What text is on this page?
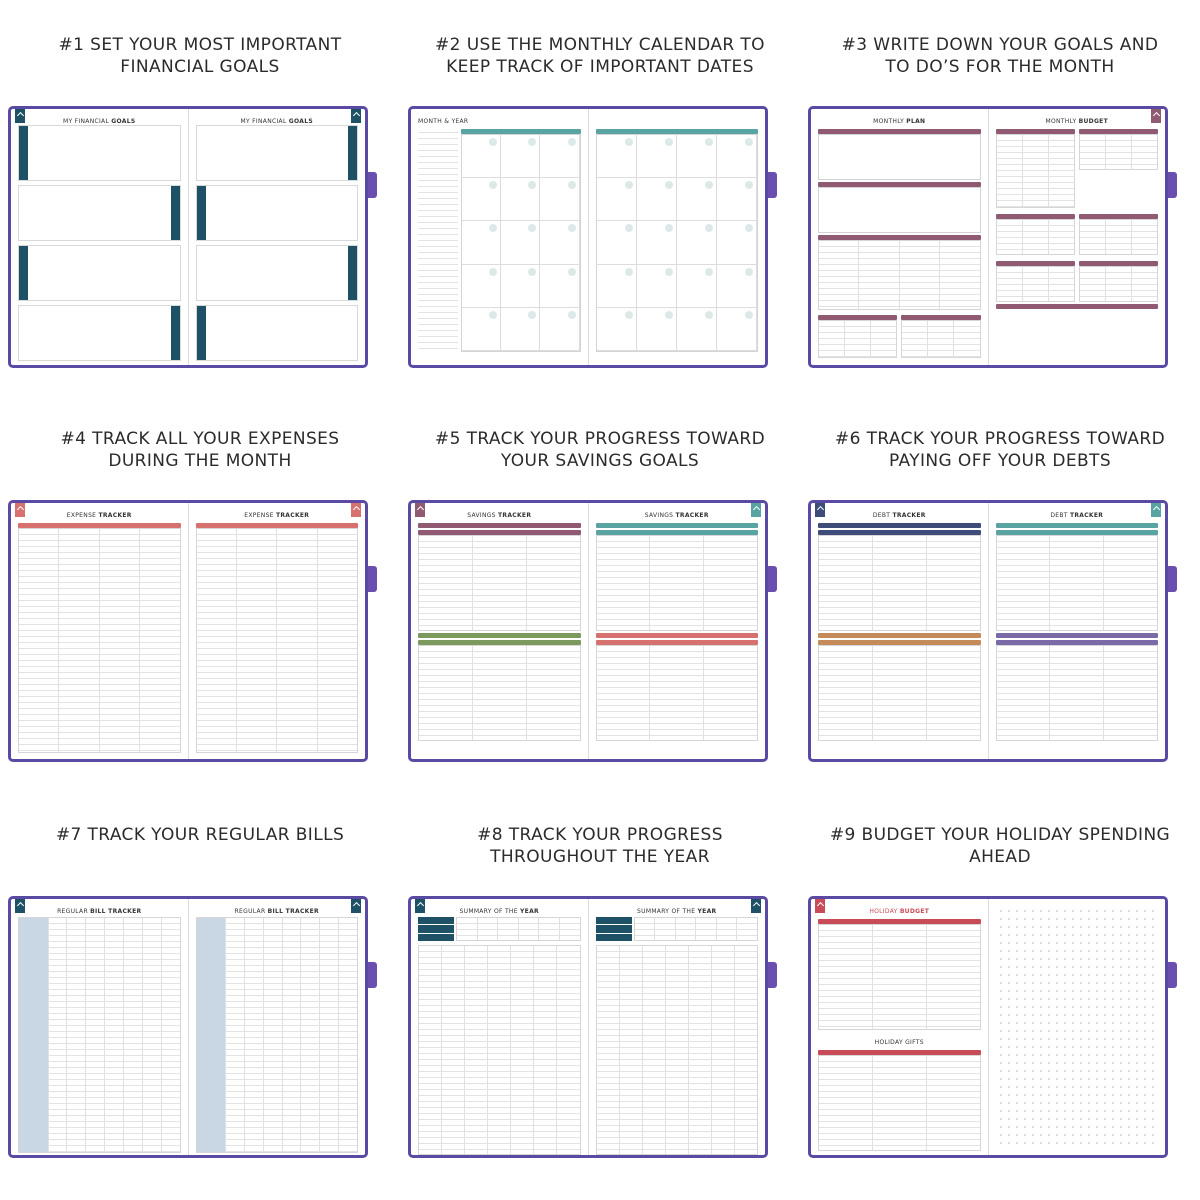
#1 SET YOUR MOST IMPORTANT
FINANCIAL GOALS
MY FINANCIAL GOALS	MY FINANCIAL GOALS
#2 USE THE MONTHLY CALENDAR TO
KEEP TRACK OF IMPORTANT DATES
MONTH & YEAR
#3 WRITE DOWN YOUR GOALS AND
TO DO’S FOR THE MONTH
MONTHLY PLAN	MONTHLY BUDGET
#4 TRACK ALL YOUR EXPENSES
DURING THE MONTH
EXPENSE TRACKER	EXPENSE TRACKER
#5 TRACK YOUR PROGRESS TOWARD
YOUR SAVINGS GOALS
SAVINGS TRACKER	SAVINGS TRACKER
#6 TRACK YOUR PROGRESS TOWARD
PAYING OFF YOUR DEBTS
DEBT TRACKER	DEBT TRACKER
#7 TRACK YOUR REGULAR BILLS
REGULAR BILL TRACKER	REGULAR BILL TRACKER
#8 TRACK YOUR PROGRESS
THROUGHOUT THE YEAR
SUMMARY OF THE YEAR	SUMMARY OF THE YEAR
#9 BUDGET YOUR HOLIDAY SPENDING
AHEAD
HOLIDAY BUDGET
HOLIDAY GIFTS
